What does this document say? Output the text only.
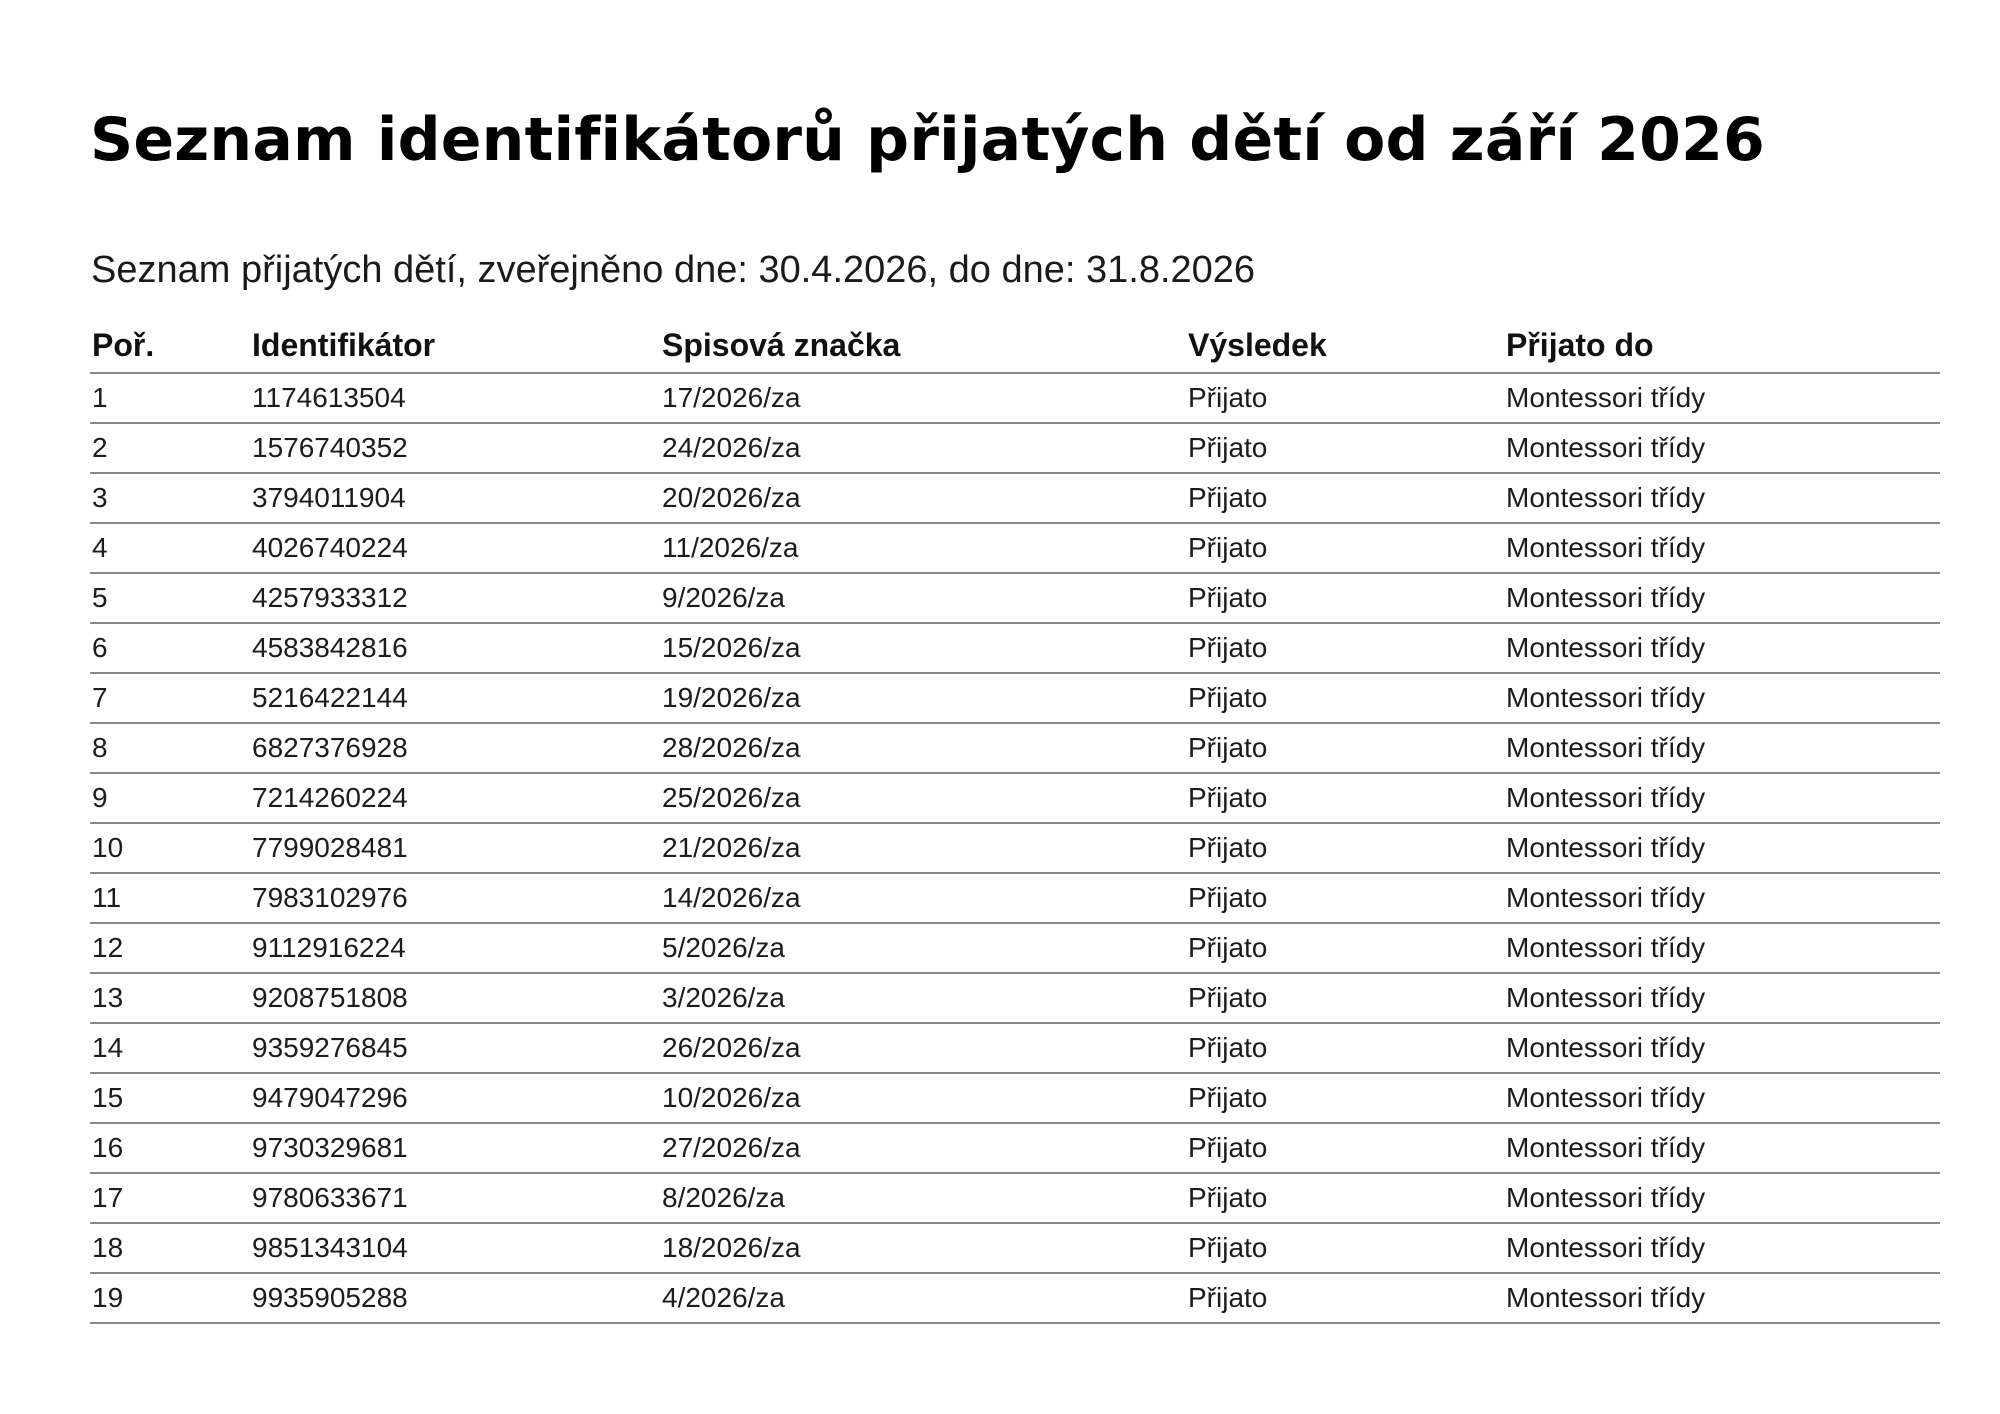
Seznam identifikátorů přijatých dětí od září 2026
Seznam přijatých dětí, zveřejněno dne: 30.4.2026, do dne: 31.8.2026
Poř.	Identifikátor	Spisová značka	Výsledek	Přijato do
1	1174613504	17/2026/za	Přijato	Montessori třídy
2	1576740352	24/2026/za	Přijato	Montessori třídy
3	3794011904	20/2026/za	Přijato	Montessori třídy
4	4026740224	11/2026/za	Přijato	Montessori třídy
5	4257933312	9/2026/za	Přijato	Montessori třídy
6	4583842816	15/2026/za	Přijato	Montessori třídy
7	5216422144	19/2026/za	Přijato	Montessori třídy
8	6827376928	28/2026/za	Přijato	Montessori třídy
9	7214260224	25/2026/za	Přijato	Montessori třídy
10	7799028481	21/2026/za	Přijato	Montessori třídy
11	7983102976	14/2026/za	Přijato	Montessori třídy
12	9112916224	5/2026/za	Přijato	Montessori třídy
13	9208751808	3/2026/za	Přijato	Montessori třídy
14	9359276845	26/2026/za	Přijato	Montessori třídy
15	9479047296	10/2026/za	Přijato	Montessori třídy
16	9730329681	27/2026/za	Přijato	Montessori třídy
17	9780633671	8/2026/za	Přijato	Montessori třídy
18	9851343104	18/2026/za	Přijato	Montessori třídy
19	9935905288	4/2026/za	Přijato	Montessori třídy
